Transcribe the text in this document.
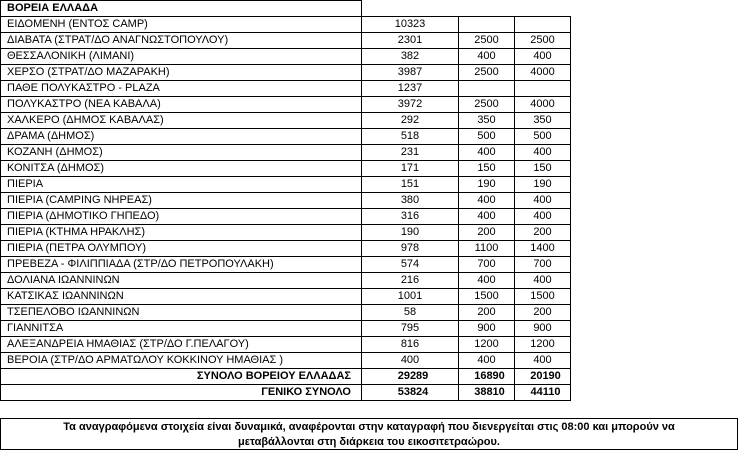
ΒΟΡΕΙΑ ΕΛΛΑΔΑ				
ΕΙΔΟΜΕΝΗ (ΕΝΤΟΣ CAMP)	10323			
ΔΙΑΒΑΤΑ (ΣΤΡΑΤ/ΔΟ ΑΝΑΓΝΩΣΤΟΠΟΥΛΟΥ)	2301	2500	2500	
ΘΕΣΣΑΛΟΝΙΚΗ (ΛΙΜΑΝΙ)	382	400	400	
ΧΕΡΣΟ (ΣΤΡΑΤ/ΔΟ ΜΑΖΑΡΑΚΗ)	3987	2500	4000	
ΠΑΘΕ ΠΟΛΥΚΑΣΤΡΟ - PLAZA	1237			
ΠΟΛΥΚΑΣΤΡΟ (ΝΕΑ ΚΑΒΑΛΑ)	3972	2500	4000	
ΧΑΛΚΕΡΟ (ΔΗΜΟΣ ΚΑΒΑΛΑΣ)	292	350	350	
ΔΡΑΜΑ (ΔΗΜΟΣ)	518	500	500	
ΚΟΖΑΝΗ (ΔΗΜΟΣ)	231	400	400	
ΚΟΝΙΤΣΑ (ΔΗΜΟΣ)	171	150	150	
ΠΙΕΡΙΑ	151	190	190	
ΠΙΕΡΙΑ (CAMPING ΝΗΡΕΑΣ)	380	400	400	
ΠΙΕΡΙΑ (ΔΗΜΟΤΙΚΟ ΓΗΠΕΔΟ)	316	400	400	
ΠΙΕΡΙΑ (ΚΤΗΜΑ ΗΡΑΚΛΗΣ)	190	200	200	
ΠΙΕΡΙΑ (ΠΕΤΡΑ ΟΛΥΜΠΟΥ)	978	1100	1400	
ΠΡΕΒΕΖΑ - ΦΙΛΙΠΠΙΑΔΑ (ΣΤΡ/ΔΟ ΠΕΤΡΟΠΟΥΛΑΚΗ)	574	700	700	
ΔΟΛΙΑΝΑ ΙΩΑΝΝΙΝΩΝ	216	400	400	
ΚΑΤΣΙΚΑΣ ΙΩΑΝΝΙΝΩΝ	1001	1500	1500	
ΤΣΕΠΕΛΟΒΟ ΙΩΑΝΝΙΝΩΝ	58	200	200	
ΓΙΑΝΝΙΤΣΑ	795	900	900	
ΑΛΕΞΑΝΔΡΕΙΑ ΗΜΑΘΙΑΣ (ΣΤΡ/ΔΟ Γ.ΠΕΛΑΓΟΥ)	816	1200	1200	
ΒΕΡΟΙΑ (ΣΤΡ/ΔΟ ΑΡΜΑΤΩΛΟΥ ΚΟΚΚΙΝΟΥ ΗΜΑΘΙΑΣ )	400	400	400	
ΣΥΝΟΛΟ ΒΟΡΕΙΟΥ ΕΛΛΑΔΑΣ	29289	16890	20190	
ΓΕΝΙΚΟ ΣΥΝΟΛΟ	53824	38810	44110	
Τα αναγραφόμενα στοιχεία είναι δυναμικά, αναφέρονται στην καταγραφή που διενεργείται στις 08:00 και μπορούν να
μεταβάλλονται στη διάρκεια του εικοσιτετραώρου.
